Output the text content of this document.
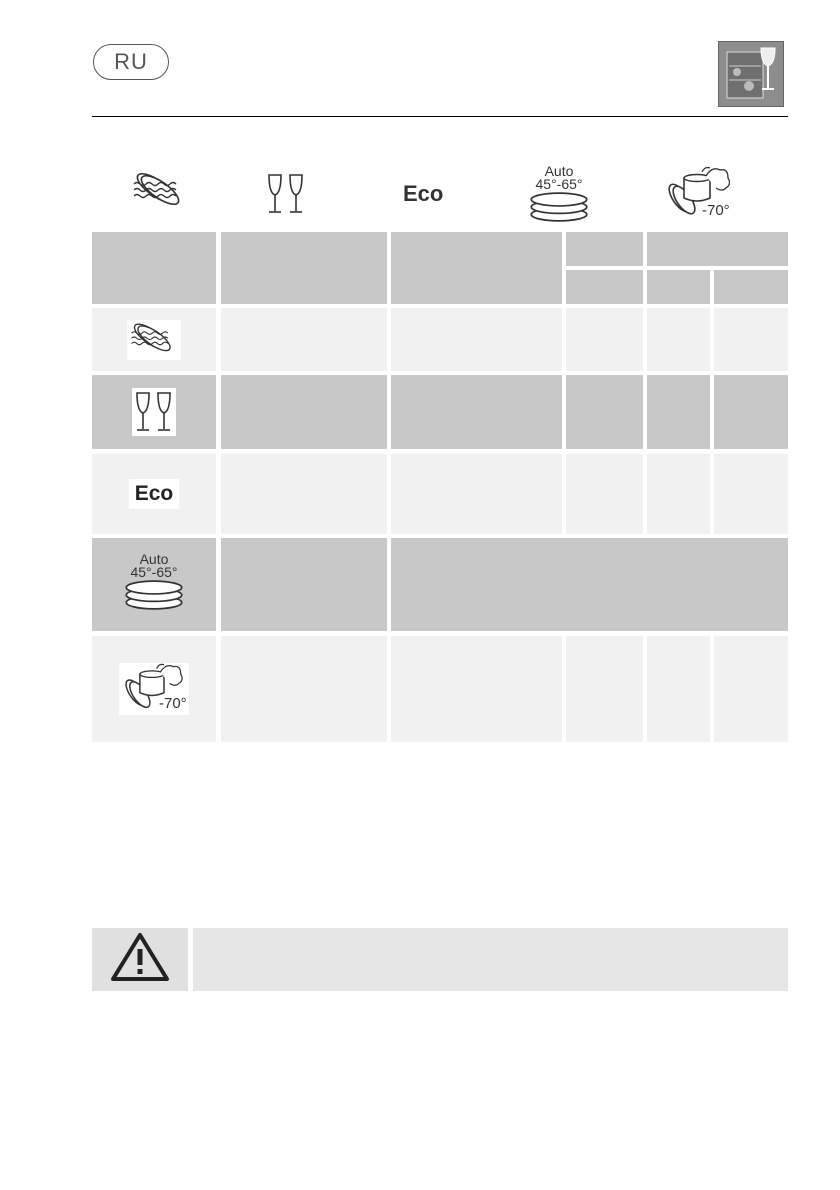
RU
Eco
Auto
45°-65°
-70°
Eco
Auto
45°-65°
-70°
